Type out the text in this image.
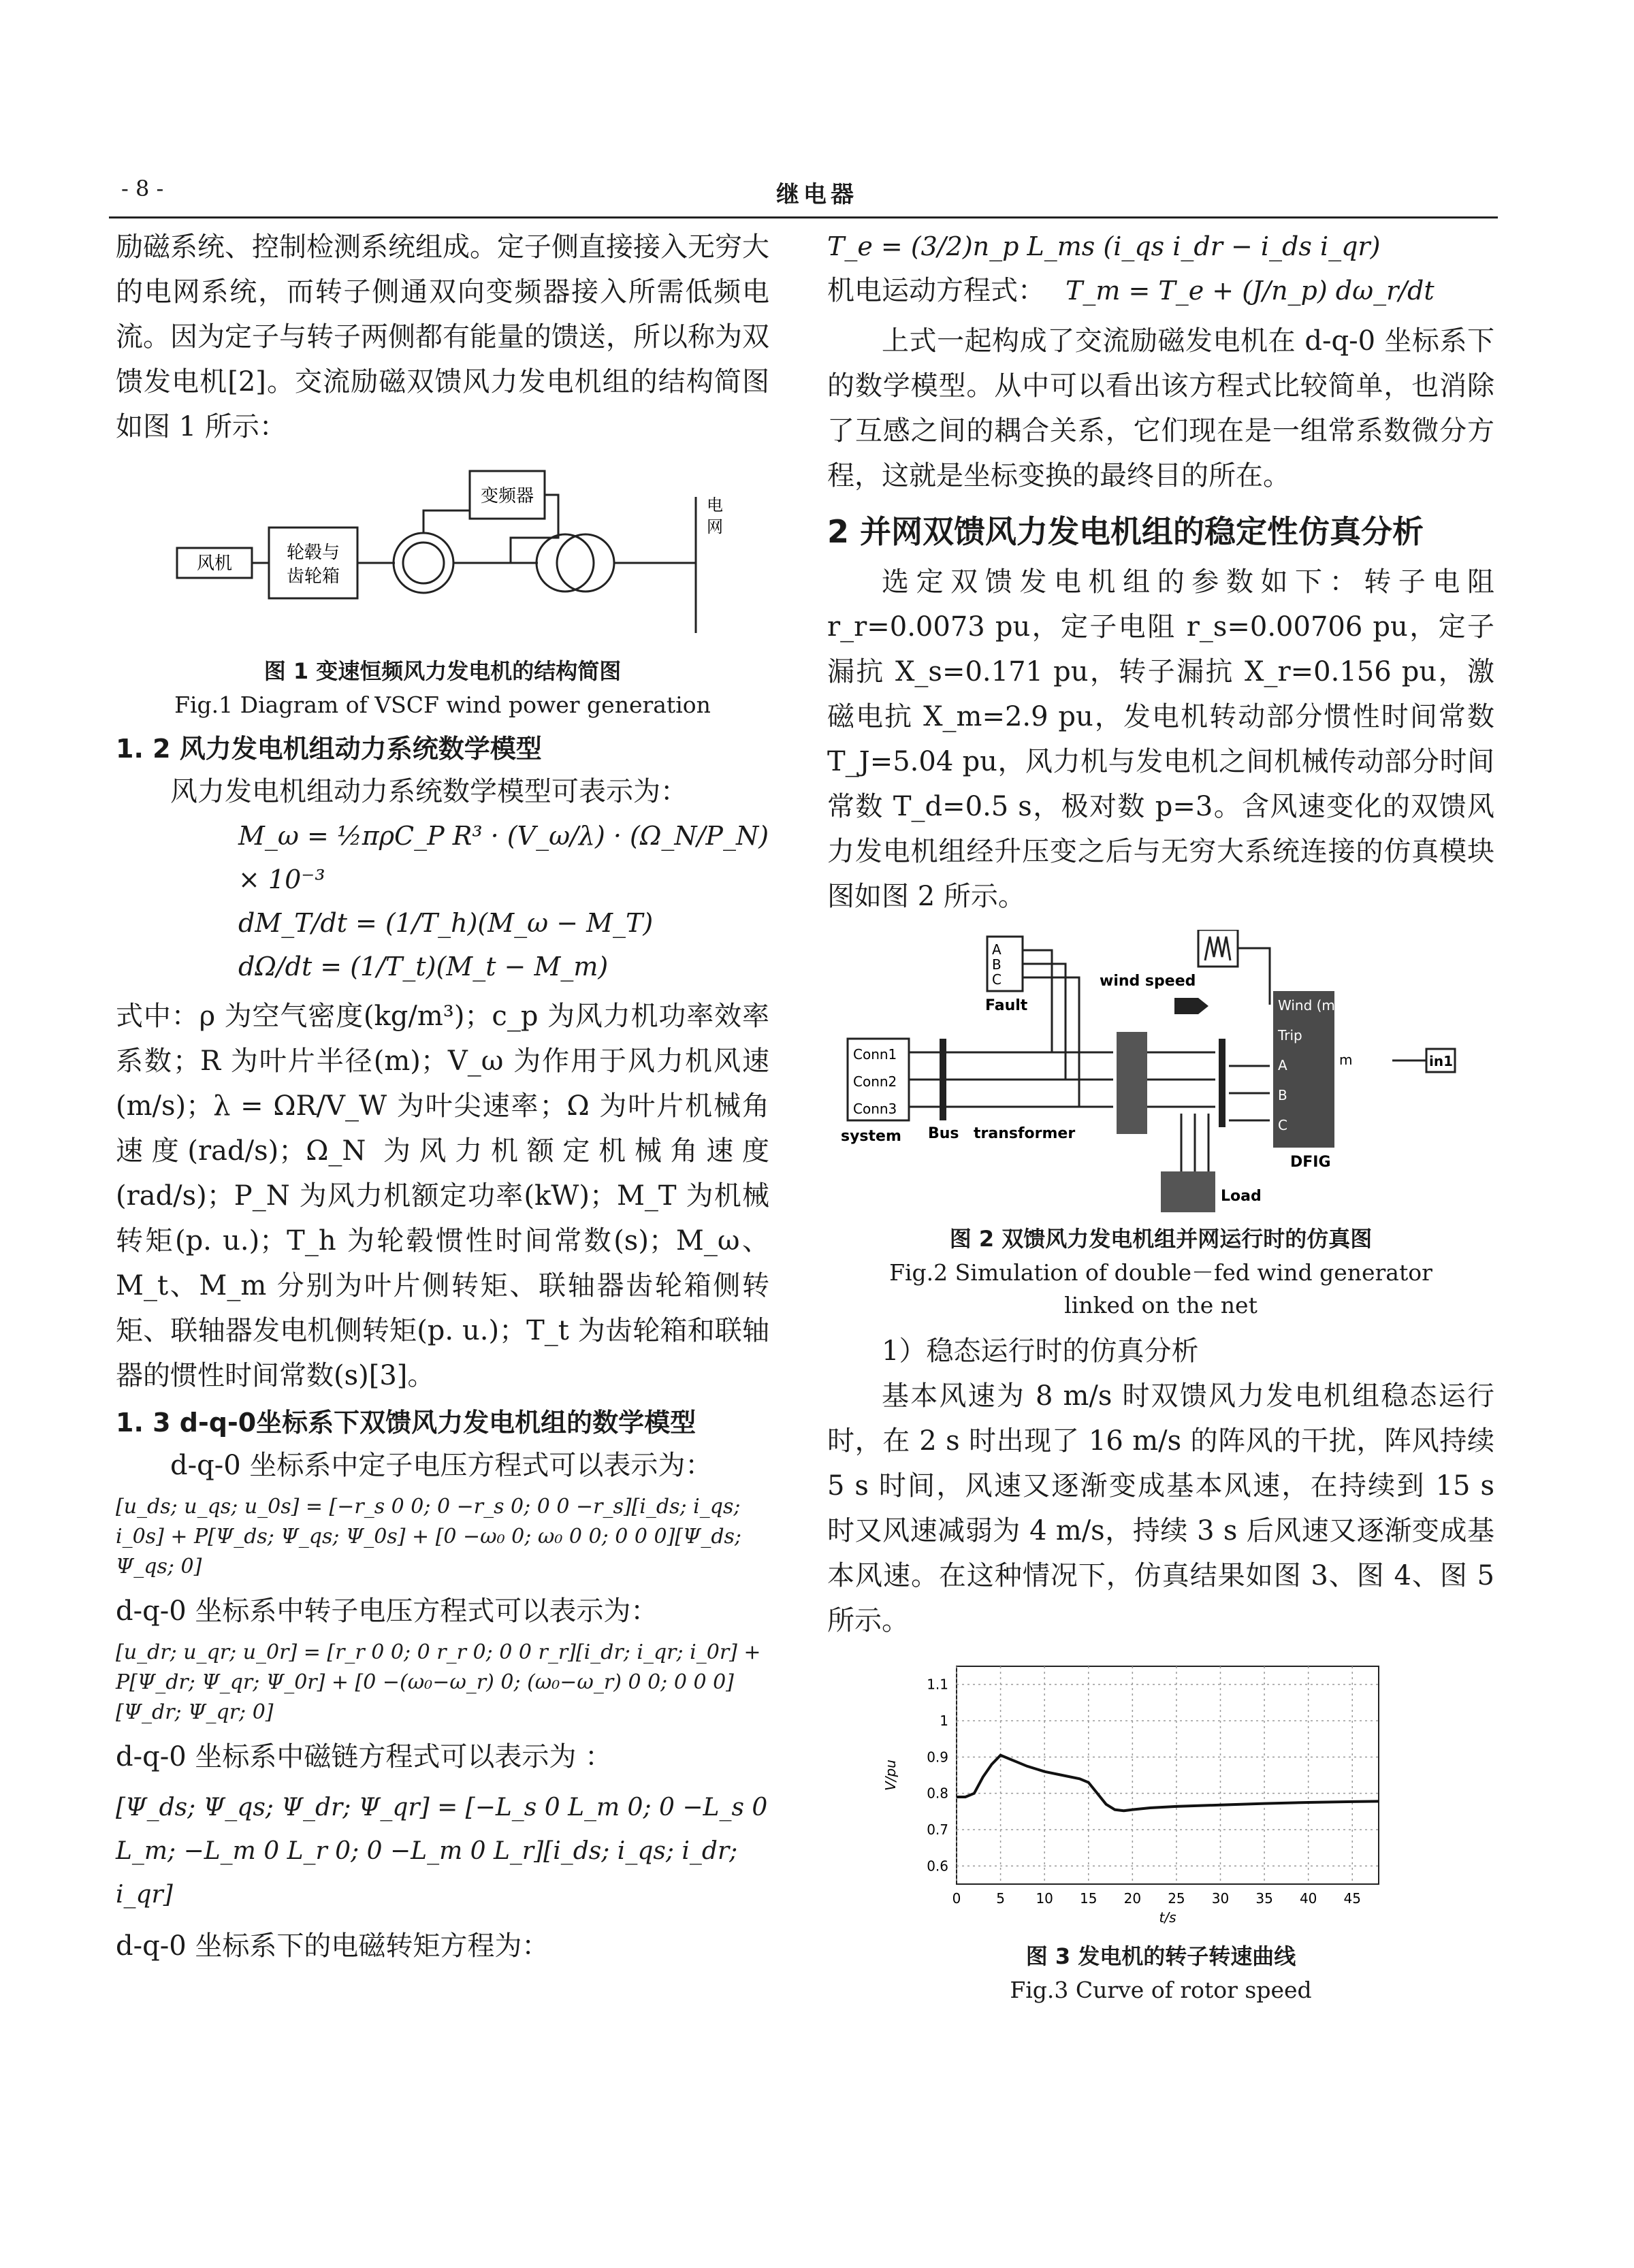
- 8 -	继电器

励磁系统、控制检测系统组成。定子侧直接接入无穷大的电网系统，而转子侧通双向变频器接入所需低频电流。因为定子与转子两侧都有能量的馈送，所以称为双馈发电机[2]。交流励磁双馈风力发电机组的结构简图如图 1 所示：

风机
轮毂与
齿轮箱
变频器	电
网
图 1 变速恒频风力发电机的结构简图
Fig.1 Diagram of VSCF wind power generation
1. 2 风力发电机组动力系统数学模型

风力发电机组动力系统数学模型可表示为：

M_ω = ½πρC_P R³ · (V_ω/λ) · (Ω_N/P_N) × 10⁻³
dM_T/dt = (1/T_h)(M_ω − M_T)
dΩ/dt = (1/T_t)(M_t − M_m)

式中：ρ 为空气密度(kg/m³)；c_p 为风力机功率效率系数；R 为叶片半径(m)；V_ω 为作用于风力机风速(m/s)；λ = ΩR/V_W 为叶尖速率；Ω 为叶片机械角速度(rad/s)；Ω_N 为风力机额定机械角速度(rad/s)；P_N 为风力机额定功率(kW)；M_T 为机械转矩(p. u.)；T_h 为轮毂惯性时间常数(s)；M_ω、M_t、M_m 分别为叶片侧转矩、联轴器齿轮箱侧转矩、联轴器发电机侧转矩(p. u.)；T_t 为齿轮箱和联轴器的惯性时间常数(s)[3]。

1. 3 d-q-0坐标系下双馈风力发电机组的数学模型

d-q-0 坐标系中定子电压方程式可以表示为：

[u_ds; u_qs; u_0s] = [−r_s 0 0; 0 −r_s 0; 0 0 −r_s][i_ds; i_qs; i_0s] + P[Ψ_ds; Ψ_qs; Ψ_0s] + [0 −ω₀ 0; ω₀ 0 0; 0 0 0][Ψ_ds; Ψ_qs; 0]

d-q-0 坐标系中转子电压方程式可以表示为：

[u_dr; u_qr; u_0r] = [r_r 0 0; 0 r_r 0; 0 0 r_r][i_dr; i_qr; i_0r] + P[Ψ_dr; Ψ_qr; Ψ_0r] + [0 −(ω₀−ω_r) 0; (ω₀−ω_r) 0 0; 0 0 0][Ψ_dr; Ψ_qr; 0]

d-q-0 坐标系中磁链方程式可以表示为 ：

[Ψ_ds; Ψ_qs; Ψ_dr; Ψ_qr] = [−L_s 0 L_m 0; 0 −L_s 0 L_m; −L_m 0 L_r 0; 0 −L_m 0 L_r][i_ds; i_qs; i_dr; i_qr]

d-q-0 坐标系下的电磁转矩方程为：

T_e = (3/2)n_p L_ms (i_qs i_dr − i_ds i_qr)
机电运动方程式： T_m = T_e + (J/n_p) dω_r/dt

上式一起构成了交流励磁发电机在 d-q-0 坐标系下的数学模型。从中可以看出该方程式比较简单，也消除了互感之间的耦合关系，它们现在是一组常系数微分方程，这就是坐标变换的最终目的所在。

2 并网双馈风力发电机组的稳定性仿真分析

选定双馈发电机组的参数如下：转子电阻 r_r=0.0073 pu，定子电阻 r_s=0.00706 pu，定子漏抗 X_s=0.171 pu，转子漏抗 X_r=0.156 pu，激磁电抗 X_m=2.9 pu，发电机转动部分惯性时间常数 T_J=5.04 pu，风力机与发电机之间机械传动部分时间常数 T_d=0.5 s，极对数 p=3。含风速变化的双馈风力发电机组经升压变之后与无穷大系统连接的仿真模块图如图 2 所示。

A
B
C
Fault
wind speed
Conn1
Conn2
Conn3
system Bus transformer
Wind (m
Trip
A
B
C
m	in1
DFIG
Load
图 2 双馈风力发电机组并网运行时的仿真图
Fig.2 Simulation of double－fed wind generator
linked on the net

1）稳态运行时的仿真分析

基本风速为 8 m/s 时双馈风力发电机组稳态运行时，在 2 s 时出现了 16 m/s 的阵风的干扰，阵风持续 5 s 时间，风速又逐渐变成基本风速，在持续到 15 s 时又风速减弱为 4 m/s，持续 3 s 后风速又逐渐变成基本风速。在这种情况下，仿真结果如图 3、图 4、图 5 所示。

0	5 10 15 20 25 30 35 40 45
0.6
0.7
0.8
0.9
1
1.1
t/s
V/pu
图 3 发电机的转子转速曲线
Fig.3 Curve of rotor speed
